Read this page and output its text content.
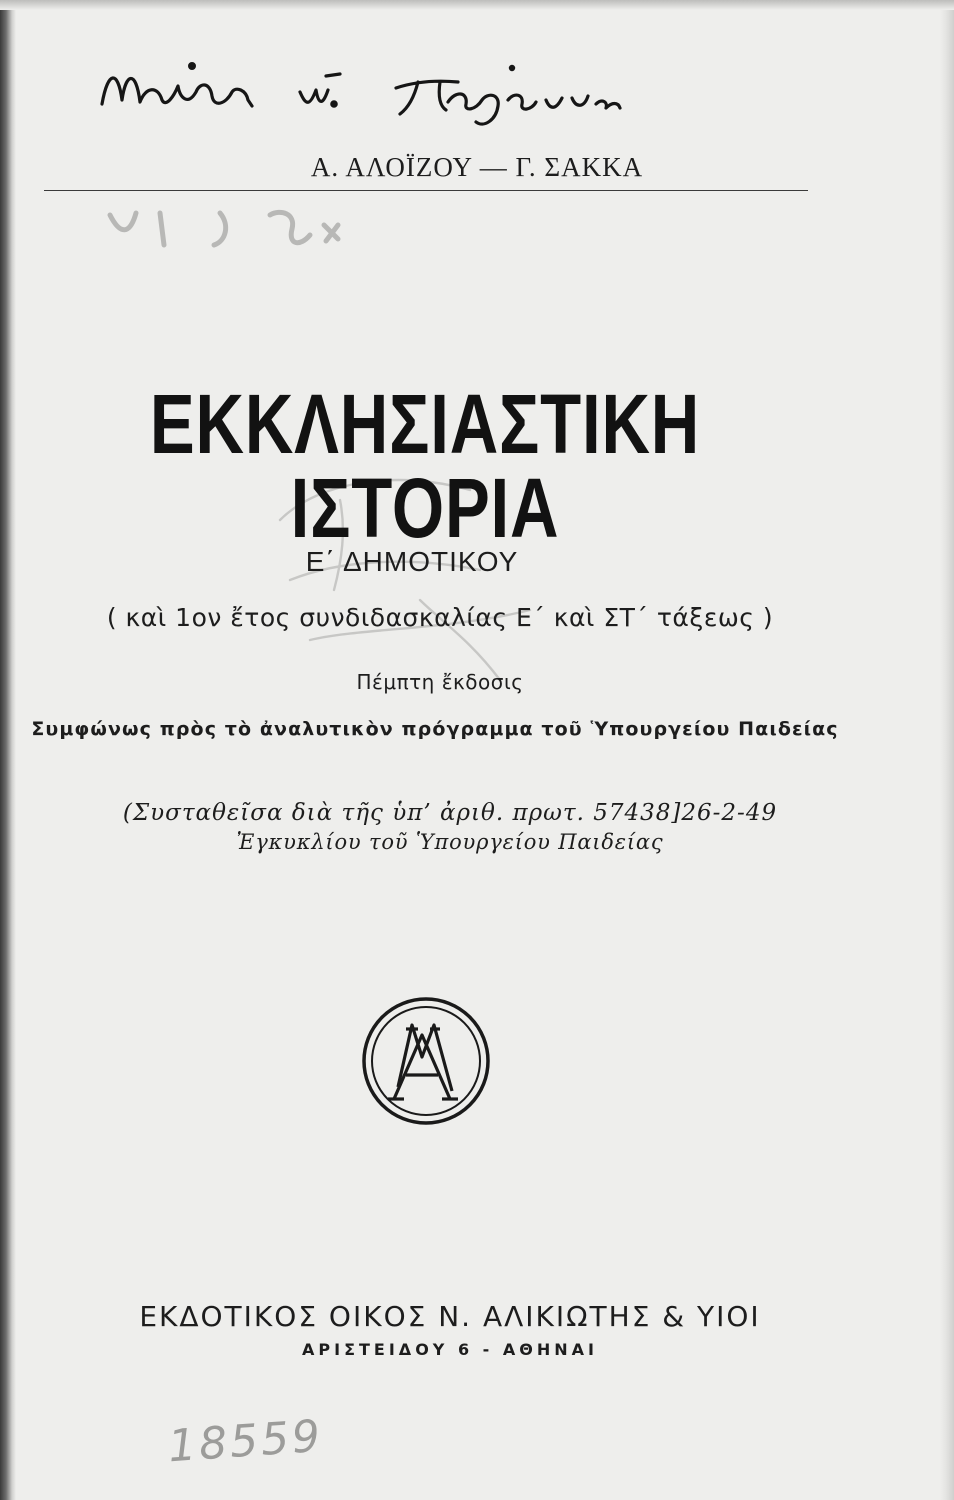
Α. ΑΛΟΪΖΟΥ — Γ. ΣΑΚΚΑ
ΕΚΚΛΗΣΙΑΣΤΙΚΗ ΙΣΤΟΡΙΑ
Ε΄ ΔΗΜΟΤΙΚΟΥ
( καὶ 1ον ἔτος συνδιδασκαλίας Ε΄ καὶ ΣΤ΄ τάξεως )
Πέμπτη ἔκδοσις
Συμφώνως πρὸς τὸ ἀναλυτικὸν πρόγραμμα τοῦ Ὑπουργείου Παιδείας
(Συσταθεῖσα διὰ τῆς ὑπ’ ἀριθ. πρωτ. 57438]26-2-49
Ἐγκυκλίου τοῦ Ὑπουργείου Παιδείας
ΕΚΔΟΤΙΚΟΣ ΟΙΚΟΣ Ν. ΑΛΙΚΙΩΤΗΣ & ΥΙΟΙ
ΑΡΙΣΤΕΙΔΟΥ 6 - ΑΘΗΝΑΙ
18559
